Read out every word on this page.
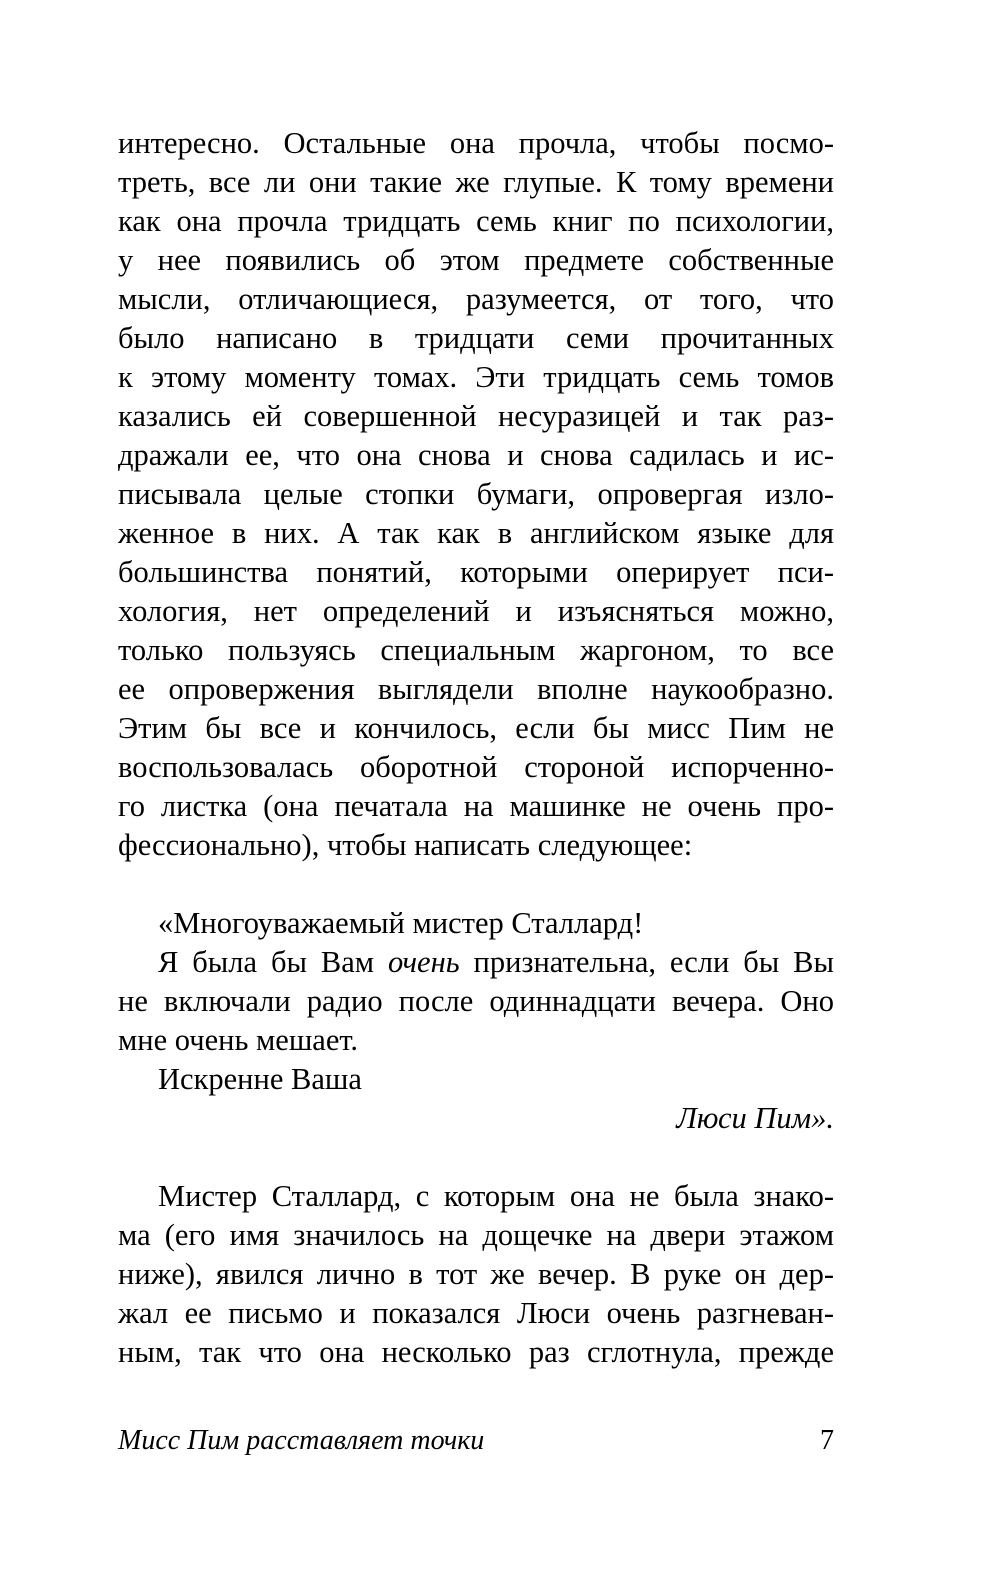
интересно. Остальные она прочла, чтобы посмо-
треть, все ли они такие же глупые. К тому времени
как она прочла тридцать семь книг по психологии,
у нее появились об этом предмете собственные
мысли, отличающиеся, разумеется, от того, что
было написано в тридцати семи прочитанных
к этому моменту томах. Эти тридцать семь томов
казались ей совершенной несуразицей и так раз-
дражали ее, что она снова и снова садилась и ис-
писывала целые стопки бумаги, опровергая изло-
женное в них. А так как в английском языке для
большинства понятий, которыми оперирует пси-
хология, нет определений и изъясняться можно,
только пользуясь специальным жаргоном, то все
ее опровержения выглядели вполне наукообразно.
Этим бы все и кончилось, если бы мисс Пим не
воспользовалась оборотной стороной испорченно-
го листка (она печатала на машинке не очень про-
фессионально), чтобы написать следующее:
«Многоуважаемый мистер Сталлард!
Я была бы Вам очень признательна, если бы Вы
не включали радио после одиннадцати вечера. Оно
мне очень мешает.
Искренне Ваша
Люси Пим».
Мистер Сталлард, с которым она не была знако-
ма (его имя значилось на дощечке на двери этажом
ниже), явился лично в тот же вечер. В руке он дер-
жал ее письмо и показался Люси очень разгневан-
ным, так что она несколько раз сглотнула, прежде
Мисс Пим расставляет точки	7
